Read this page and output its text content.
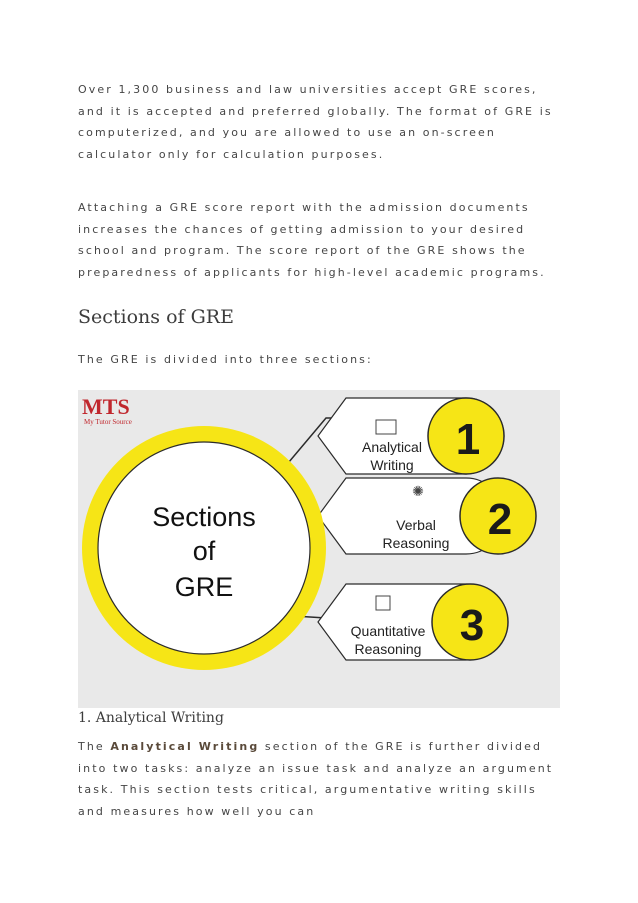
Over 1,300 business and law universities accept GRE scores, and it is accepted and preferred globally. The format of GRE is computerized, and you are allowed to use an on-screen calculator only for calculation purposes.

Attaching a GRE score report with the admission documents increases the chances of getting admission to your desired school and program. The score report of the GRE shows the preparedness of applicants for high-level academic programs.

Sections of GRE

The GRE is divided into three sections:

Analytical
Writing
1
✺
Verbal
Reasoning 2
Quantitative
Reasoning 3
Sections
of
GRE
MTS
My Tutor Source
1. Analytical Writing

The Analytical Writing section of the GRE is further divided into two tasks: analyze an issue task and analyze an argument task. This section tests critical, argumentative writing skills and measures how well you can
